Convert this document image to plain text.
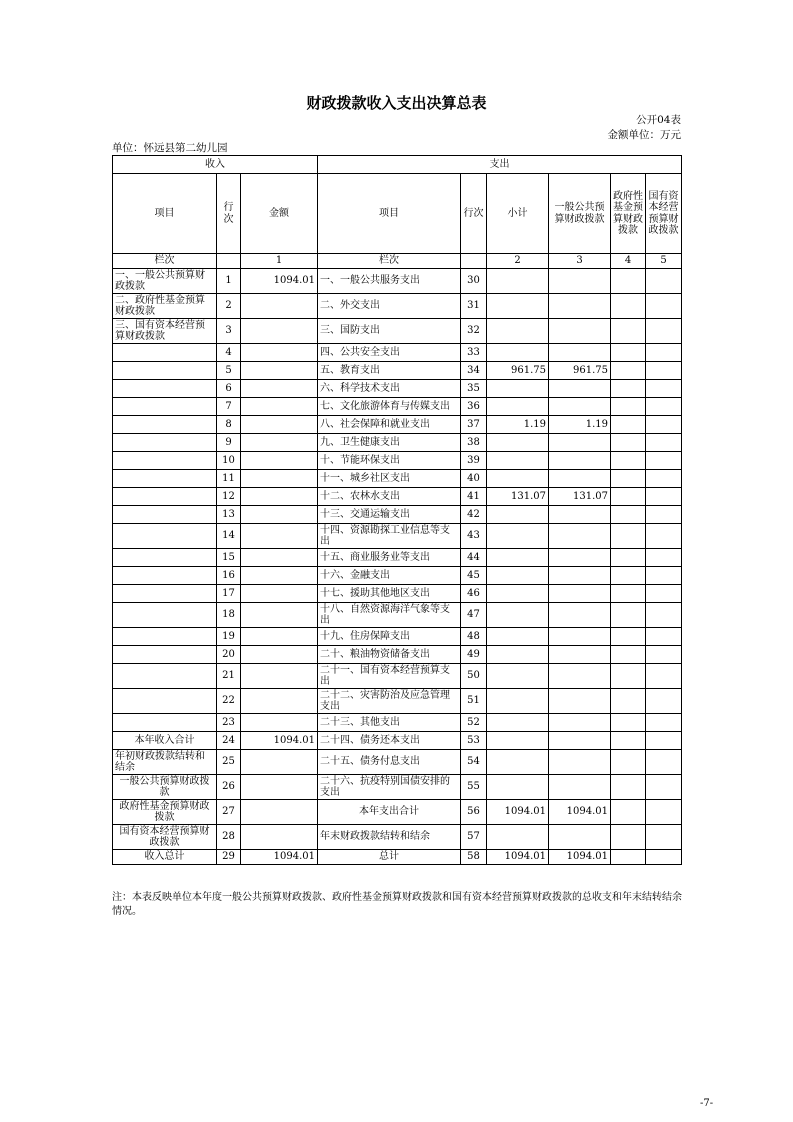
财政拨款收入支出决算总表
公开04表
金额单位：万元
单位：怀远县第二幼儿园
收入			支出					
项目	行次	金额	项目	行次	小计	一般公共预算财政拨款	政府性基金预算财政拨款	国有资本经营预算财政拨款
栏次		1	栏次		2	3	4	5
一、一般公共预算财政拨款	1	1094.01	一、一般公共服务支出	30				
二、政府性基金预算财政拨款	2		二、外交支出	31				
三、国有资本经营预算财政拨款	3		三、国防支出	32				
	4		四、公共安全支出	33				
	5		五、教育支出	34	961.75	961.75		
	6		六、科学技术支出	35				
	7		七、文化旅游体育与传媒支出	36				
	8		八、社会保障和就业支出	37	1.19	1.19		
	9		九、卫生健康支出	38				
	10		十、节能环保支出	39				
	11		十一、城乡社区支出	40				
	12		十二、农林水支出	41	131.07	131.07		
	13		十三、交通运输支出	42				
	14		十四、资源勘探工业信息等支出	43				
	15		十五、商业服务业等支出	44				
	16		十六、金融支出	45				
	17		十七、援助其他地区支出	46				
	18		十八、自然资源海洋气象等支出	47				
	19		十九、住房保障支出	48				
	20		二十、粮油物资储备支出	49				
	21		二十一、国有资本经营预算支出	50				
	22		二十二、灾害防治及应急管理支出	51				
	23		二十三、其他支出	52				
本年收入合计	24	1094.01	二十四、债务还本支出	53				
年初财政拨款结转和结余	25		二十五、债务付息支出	54				
一般公共预算财政拨款	26		二十六、抗疫特别国债安排的支出	55				
政府性基金预算财政拨款	27		本年支出合计	56	1094.01	1094.01		
国有资本经营预算财政拨款	28		年末财政拨款结转和结余	57				
收入总计	29	1094.01	总计	58	1094.01	1094.01		
注：本表反映单位本年度一般公共预算财政拨款、政府性基金预算财政拨款和国有资本经营预算财政拨款的总收支和年末结转结余情况。
-7-
